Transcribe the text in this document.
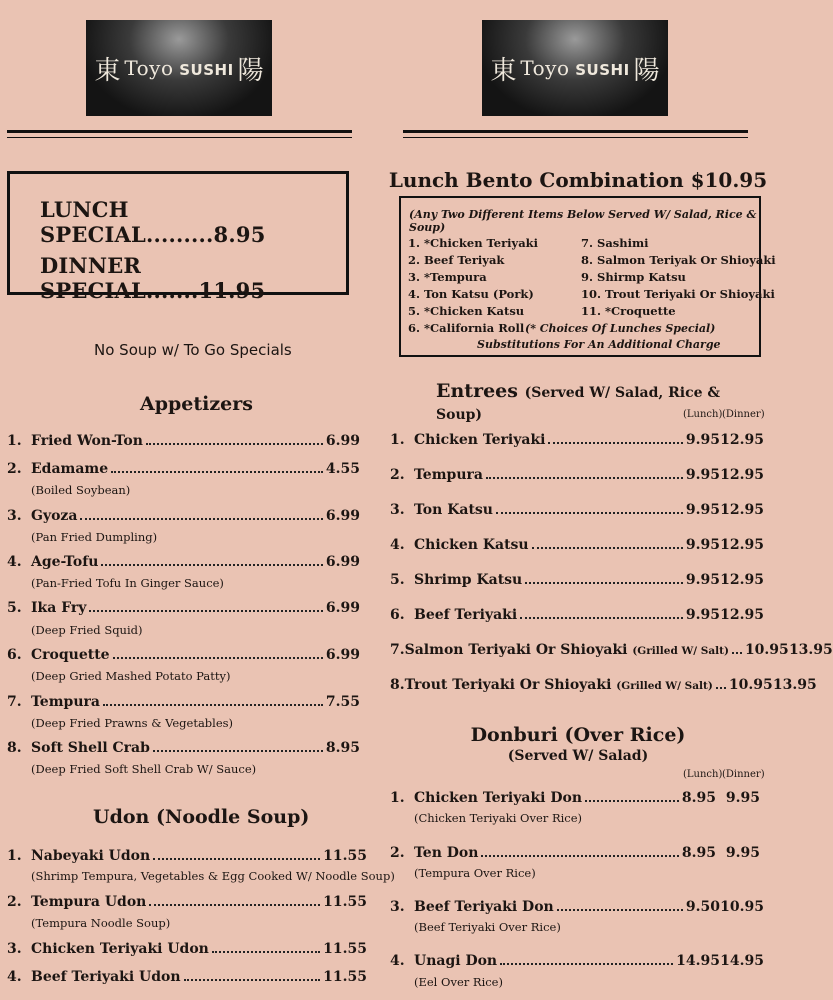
東 Toyo SUSHI 陽	東 Toyo SUSHI 陽
LUNCH SPECIAL.........8.95
DINNER SPECIAL.......11.95
No Soup w/ To Go Specials
Lunch Bento Combination $10.95
(Any Two Different Items Below Served W/ Salad, Rice & Soup)
1. *Chicken Teriyaki
2. Beef Teriyak
3. *Tempura
4. Ton Katsu (Pork)
5. *Chicken Katsu
6. *California Roll
7. Sashimi
8. Salmon Teriyak Or Shioyaki
9. Shirmp Katsu
10. Trout Teriyaki Or Shioyaki
11. *Croquette
(* Choices Of Lunches Special)
Substitutions For An Additional Charge
Appetizers
1. Fried Won-Ton	6.99
2. Edamame	4.55
(Boiled Soybean)
3. Gyoza	6.99
(Pan Fried Dumpling)
4. Age-Tofu	6.99
(Pan-Fried Tofu In Ginger Sauce)
5. Ika Fry	6.99
(Deep Fried Squid)
6. Croquette	6.99
(Deep Gried Mashed Potato Patty)
7. Tempura	7.55
(Deep Fried Prawns & Vegetables)
8. Soft Shell Crab	8.95
(Deep Fried Soft Shell Crab W/ Sauce)
Udon (Noodle Soup)
1. Nabeyaki Udon	11.55
(Shrimp Tempura, Vegetables & Egg Cooked W/ Noodle Soup)
2. Tempura Udon	11.55
(Tempura Noodle Soup)
3. Chicken Teriyaki Udon	11.55
4. Beef Teriyaki Udon	11.55
Entrees (Served W/ Salad, Rice & Soup)	(Lunch) (Dinner)
1. Chicken Teriyaki	9.95 12.95
2. Tempura	9.95 12.95
3. Ton Katsu	9.95 12.95
4. Chicken Katsu	9.95 12.95
5. Shrimp Katsu	9.95 12.95
6. Beef Teriyaki	9.95 12.95
7. Salmon Teriyaki Or Shioyaki (Grilled W/ Salt) 10.95 13.95
8. Trout Teriyaki Or Shioyaki (Grilled W/ Salt) 10.95 13.95
Donburi (Over Rice)
(Served W/ Salad)
(Lunch) (Dinner)
1. Chicken Teriyaki Don	8.95 9.95
(Chicken Teriyaki Over Rice)
2. Ten Don	8.95 9.95
(Tempura Over Rice)
3. Beef Teriyaki Don	9.50 10.95
(Beef Teriyaki Over Rice)
4. Unagi Don	14.95 14.95
(Eel Over Rice)
